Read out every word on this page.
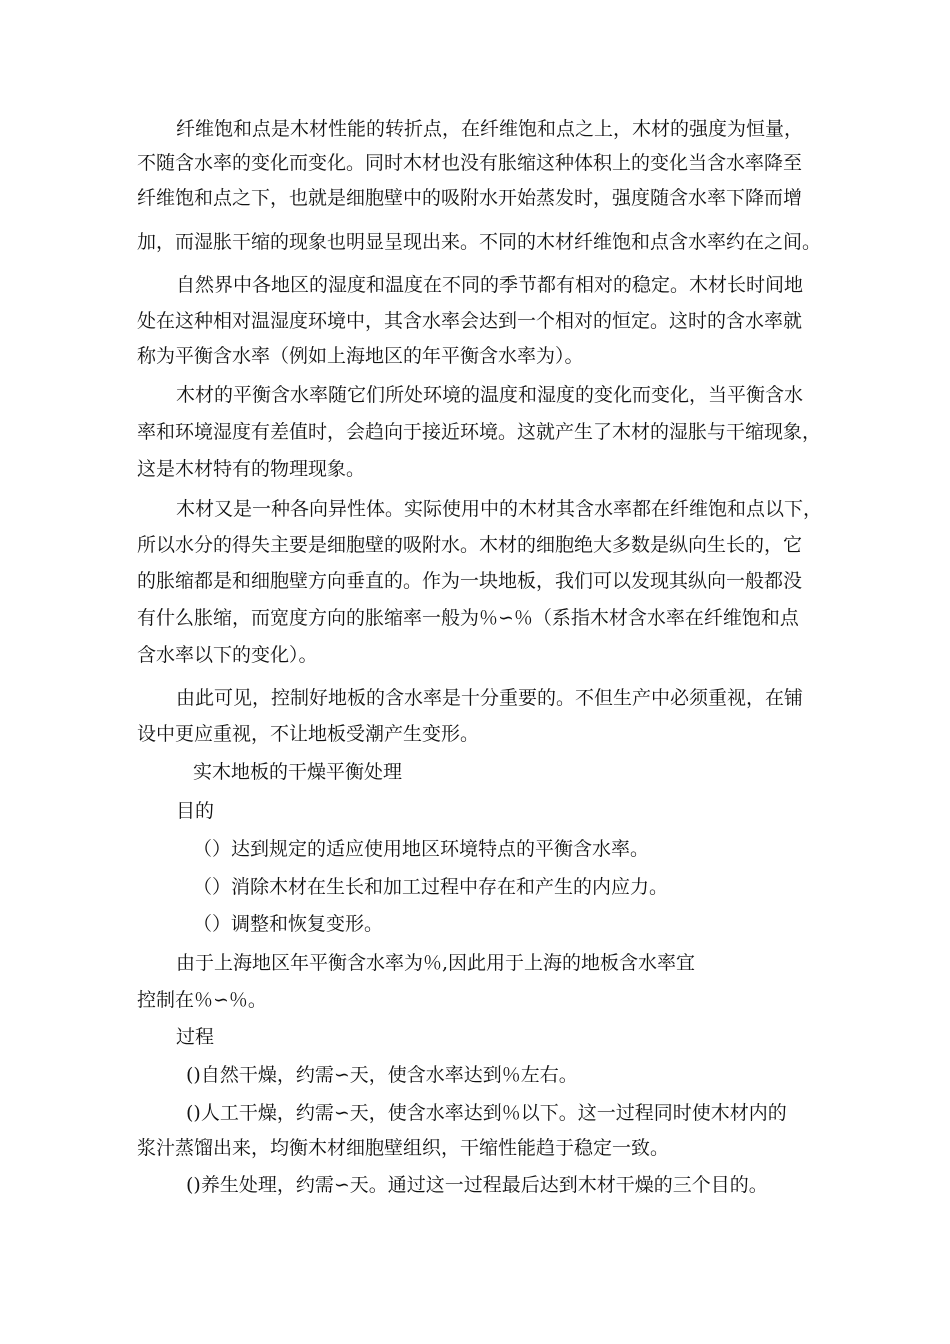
纤维饱和点是木材性能的转折点，在纤维饱和点之上，木材的强度为恒量，

不随含水率的变化而变化。同时木材也没有胀缩这种体积上的变化当含水率降至

纤维饱和点之下，也就是细胞壁中的吸附水开始蒸发时，强度随含水率下降而增

加，而湿胀干缩的现象也明显呈现出来。不同的木材纤维饱和点含水率约在之间。

自然界中各地区的湿度和温度在不同的季节都有相对的稳定。木材长时间地

处在这种相对温湿度环境中，其含水率会达到一个相对的恒定。这时的含水率就

称为平衡含水率（例如上海地区的年平衡含水率为）。

木材的平衡含水率随它们所处环境的温度和湿度的变化而变化，当平衡含水

率和环境湿度有差值时，会趋向于接近环境。这就产生了木材的湿胀与干缩现象，

这是木材特有的物理现象。

木材又是一种各向异性体。实际使用中的木材其含水率都在纤维饱和点以下，

所以水分的得失主要是细胞壁的吸附水。木材的细胞绝大多数是纵向生长的，它

的胀缩都是和细胞壁方向垂直的。作为一块地板，我们可以发现其纵向一般都没

有什么胀缩，而宽度方向的胀缩率一般为％∽％（系指木材含水率在纤维饱和点

含水率以下的变化）。

由此可见，控制好地板的含水率是十分重要的。不但生产中必须重视，在铺

设中更应重视，不让地板受潮产生变形。

实木地板的干燥平衡处理

目的

（）达到规定的适应使用地区环境特点的平衡含水率。

（）消除木材在生长和加工过程中存在和产生的内应力。

（）调整和恢复变形。

由于上海地区年平衡含水率为％,因此用于上海的地板含水率宜

控制在％∽％。

过程

()自然干燥，约需∽天，使含水率达到％左右。

()人工干燥，约需∽天，使含水率达到％以下。这一过程同时使木材内的

浆汁蒸馏出来，均衡木材细胞壁组织，干缩性能趋于稳定一致。

()养生处理，约需∽天。通过这一过程最后达到木材干燥的三个目的。
